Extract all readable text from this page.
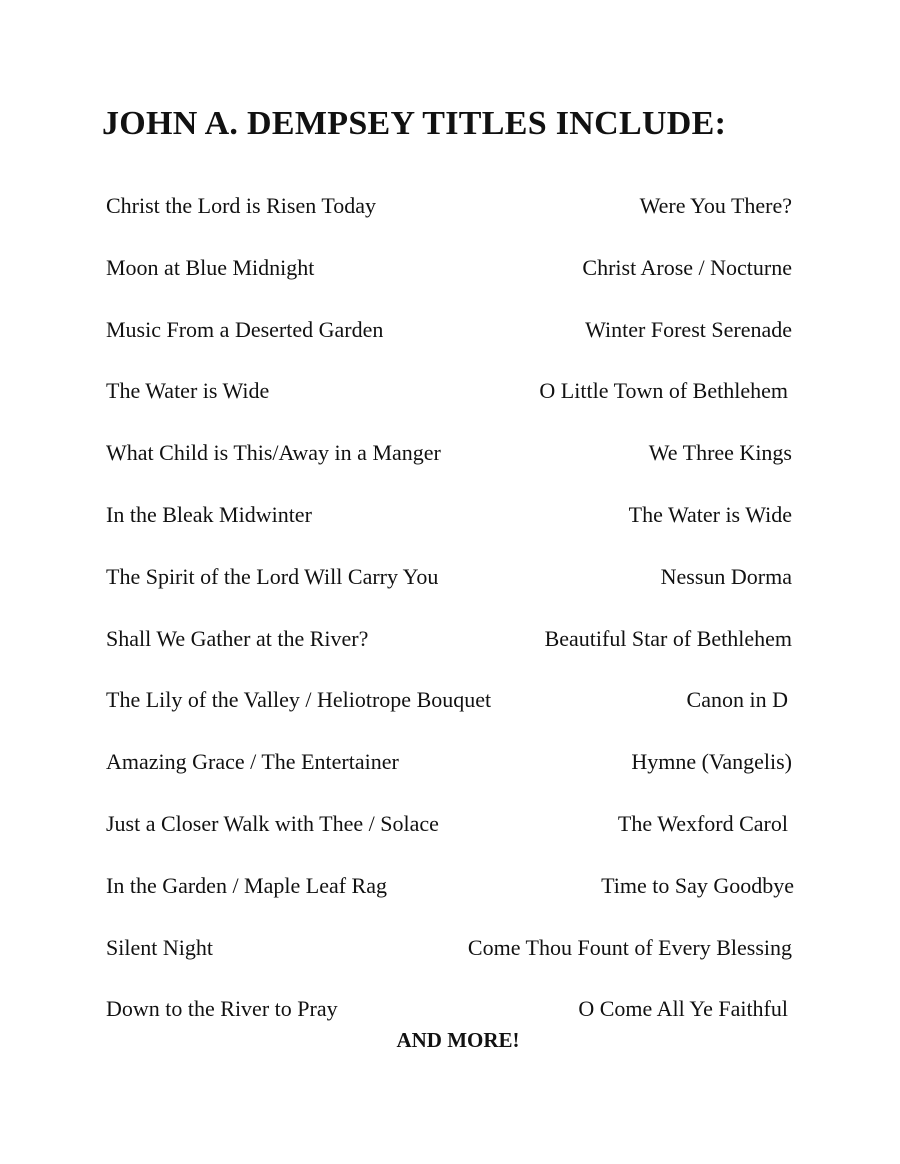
JOHN A. DEMPSEY TITLES INCLUDE:
Christ the Lord is Risen Today	Were You There?
Moon at Blue Midnight	Christ Arose / Nocturne
Music From a Deserted Garden	Winter Forest Serenade
The Water is Wide	O Little Town of Bethlehem
What Child is This/Away in a Manger	We Three Kings
In the Bleak Midwinter	The Water is Wide
The Spirit of the Lord Will Carry You	Nessun Dorma
Shall We Gather at the River?	Beautiful Star of Bethlehem
The Lily of the Valley / Heliotrope Bouquet	Canon in D
Amazing Grace / The Entertainer	Hymne (Vangelis)
Just a Closer Walk with Thee / Solace	The Wexford Carol
In the Garden / Maple Leaf Rag	Time to Say Goodbye
Silent Night	Come Thou Fount of Every Blessing
Down to the River to Pray	O Come All Ye Faithful
AND MORE!
